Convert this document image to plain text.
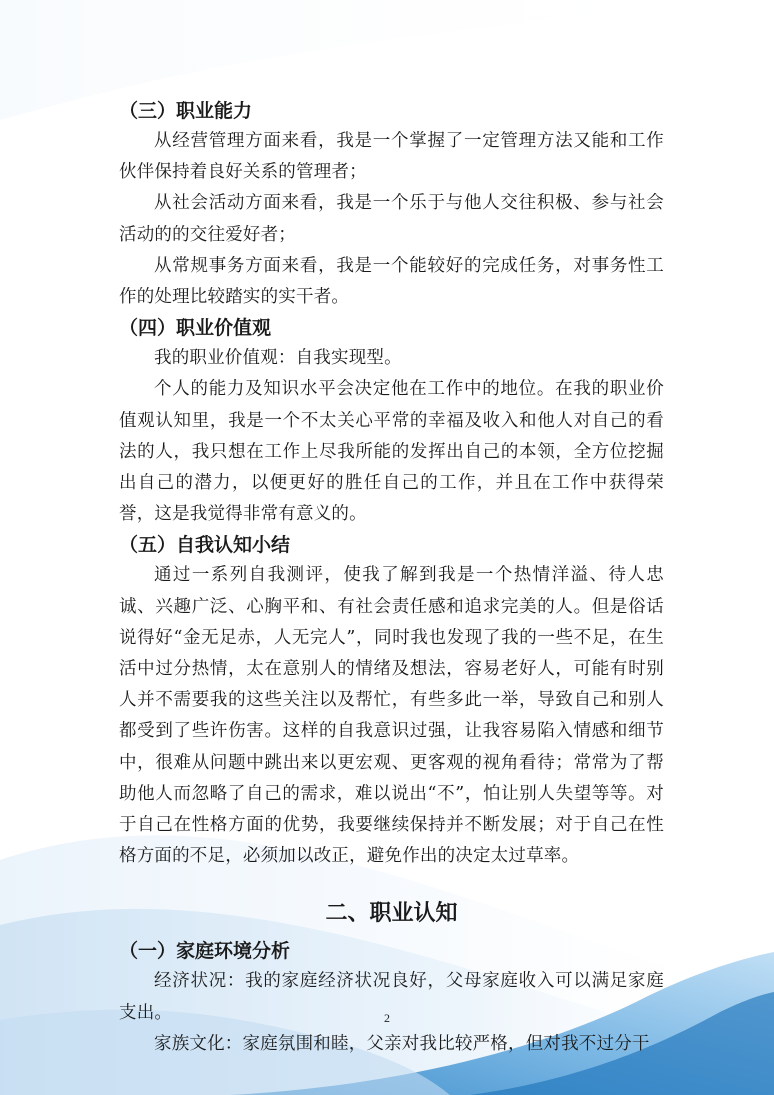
（三）职业能力

从经营管理方面来看，我是一个掌握了一定管理方法又能和工作伙伴保持着良好关系的管理者；

从社会活动方面来看，我是一个乐于与他人交往积极、参与社会活动的的交往爱好者；

从常规事务方面来看，我是一个能较好的完成任务，对事务性工作的处理比较踏实的实干者。

（四）职业价值观

我的职业价值观：自我实现型。

个人的能力及知识水平会决定他在工作中的地位。在我的职业价值观认知里，我是一个不太关心平常的幸福及收入和他人对自己的看法的人，我只想在工作上尽我所能的发挥出自己的本领，全方位挖掘出自己的潜力，以便更好的胜任自己的工作，并且在工作中获得荣誉，这是我觉得非常有意义的。

（五）自我认知小结

通过一系列自我测评，使我了解到我是一个热情洋溢、待人忠诚、兴趣广泛、心胸平和、有社会责任感和追求完美的人。但是俗话说得好“金无足赤，人无完人”，同时我也发现了我的一些不足，在生活中过分热情，太在意别人的情绪及想法，容易老好人，可能有时别人并不需要我的这些关注以及帮忙，有些多此一举，导致自己和别人都受到了些许伤害。这样的自我意识过强，让我容易陷入情感和细节中，很难从问题中跳出来以更宏观、更客观的视角看待；常常为了帮助他人而忽略了自己的需求，难以说出“不”，怕让别人失望等等。对于自己在性格方面的优势，我要继续保持并不断发展；对于自己在性格方面的不足，必须加以改正，避免作出的决定太过草率。

二、职业认知
（一）家庭环境分析

经济状况：我的家庭经济状况良好，父母家庭收入可以满足家庭支出。

家族文化：家庭氛围和睦，父亲对我比较严格，但对我不过分干

2
